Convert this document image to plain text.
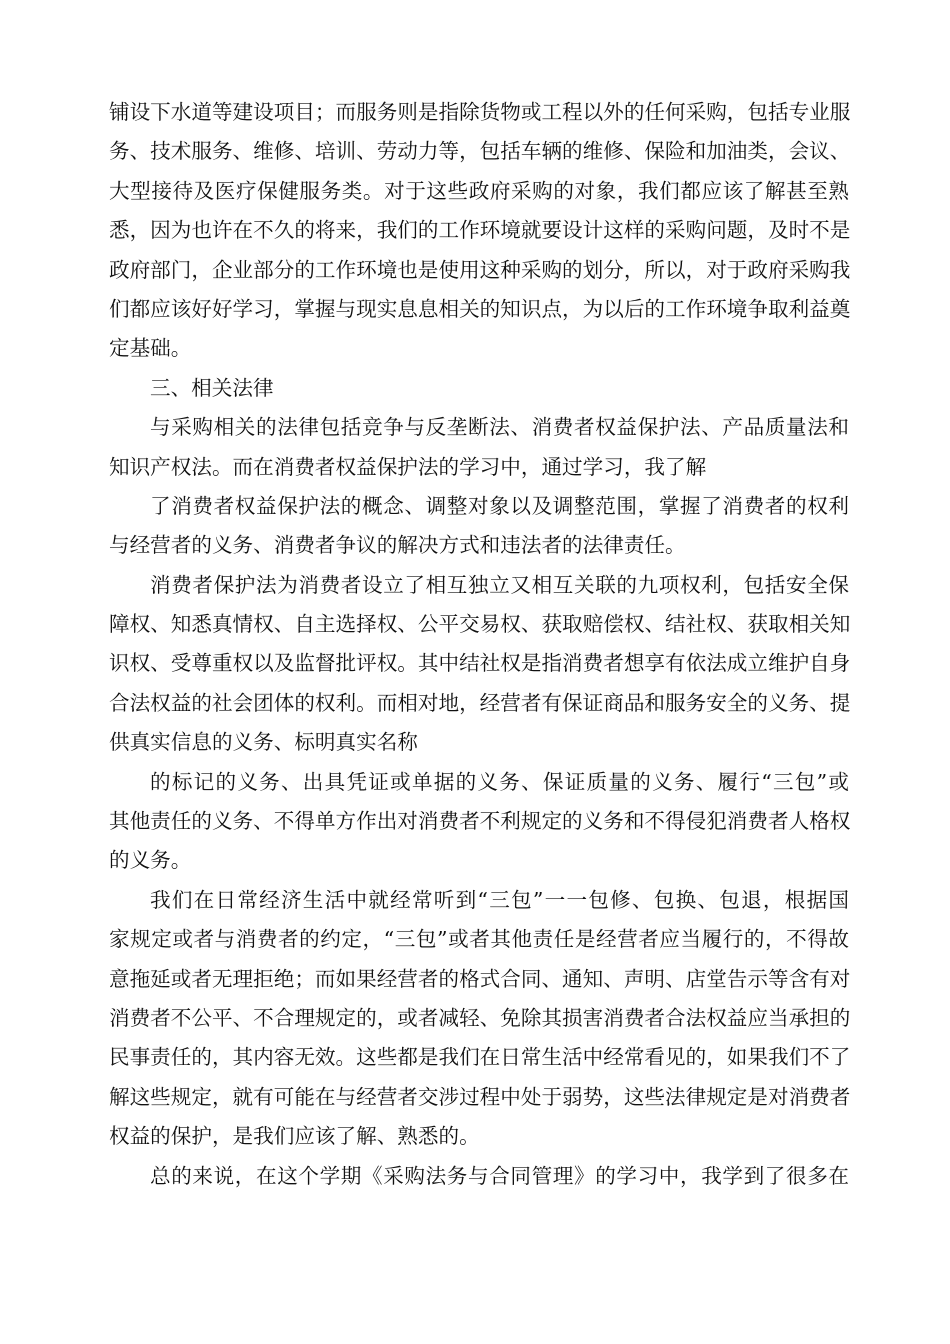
铺设下水道等建设项目；而服务则是指除货物或工程以外的任何采购，包括专业服
务、技术服务、维修、培训、劳动力等，包括车辆的维修、保险和加油类，会议、
大型接待及医疗保健服务类。对于这些政府采购的对象，我们都应该了解甚至熟
悉，因为也许在不久的将来，我们的工作环境就要设计这样的采购问题，及时不是
政府部门，企业部分的工作环境也是使用这种采购的划分，所以，对于政府采购我
们都应该好好学习，掌握与现实息息相关的知识点，为以后的工作环境争取利益奠
定基础。
三、相关法律
与采购相关的法律包括竞争与反垄断法、消费者权益保护法、产品质量法和
知识产权法。而在消费者权益保护法的学习中，通过学习，我了解
了消费者权益保护法的概念、调整对象以及调整范围，掌握了消费者的权利
与经营者的义务、消费者争议的解决方式和违法者的法律责任。
消费者保护法为消费者设立了相互独立又相互关联的九项权利，包括安全保
障权、知悉真情权、自主选择权、公平交易权、获取赔偿权、结社权、获取相关知
识权、受尊重权以及监督批评权。其中结社权是指消费者想享有依法成立维护自身
合法权益的社会团体的权利。而相对地，经营者有保证商品和服务安全的义务、提
供真实信息的义务、标明真实名称
的标记的义务、出具凭证或单据的义务、保证质量的义务、履行“三包”或
其他责任的义务、不得单方作出对消费者不利规定的义务和不得侵犯消费者人格权
的义务。
我们在日常经济生活中就经常听到“三包”一一包修、包换、包退，根据国
家规定或者与消费者的约定，“三包”或者其他责任是经营者应当履行的，不得故
意拖延或者无理拒绝；而如果经营者的格式合同、通知、声明、店堂告示等含有对
消费者不公平、不合理规定的，或者减轻、免除其损害消费者合法权益应当承担的
民事责任的，其内容无效。这些都是我们在日常生活中经常看见的，如果我们不了
解这些规定，就有可能在与经营者交涉过程中处于弱势，这些法律规定是对消费者
权益的保护，是我们应该了解、熟悉的。
总的来说，在这个学期《采购法务与合同管理》的学习中，我学到了很多在
